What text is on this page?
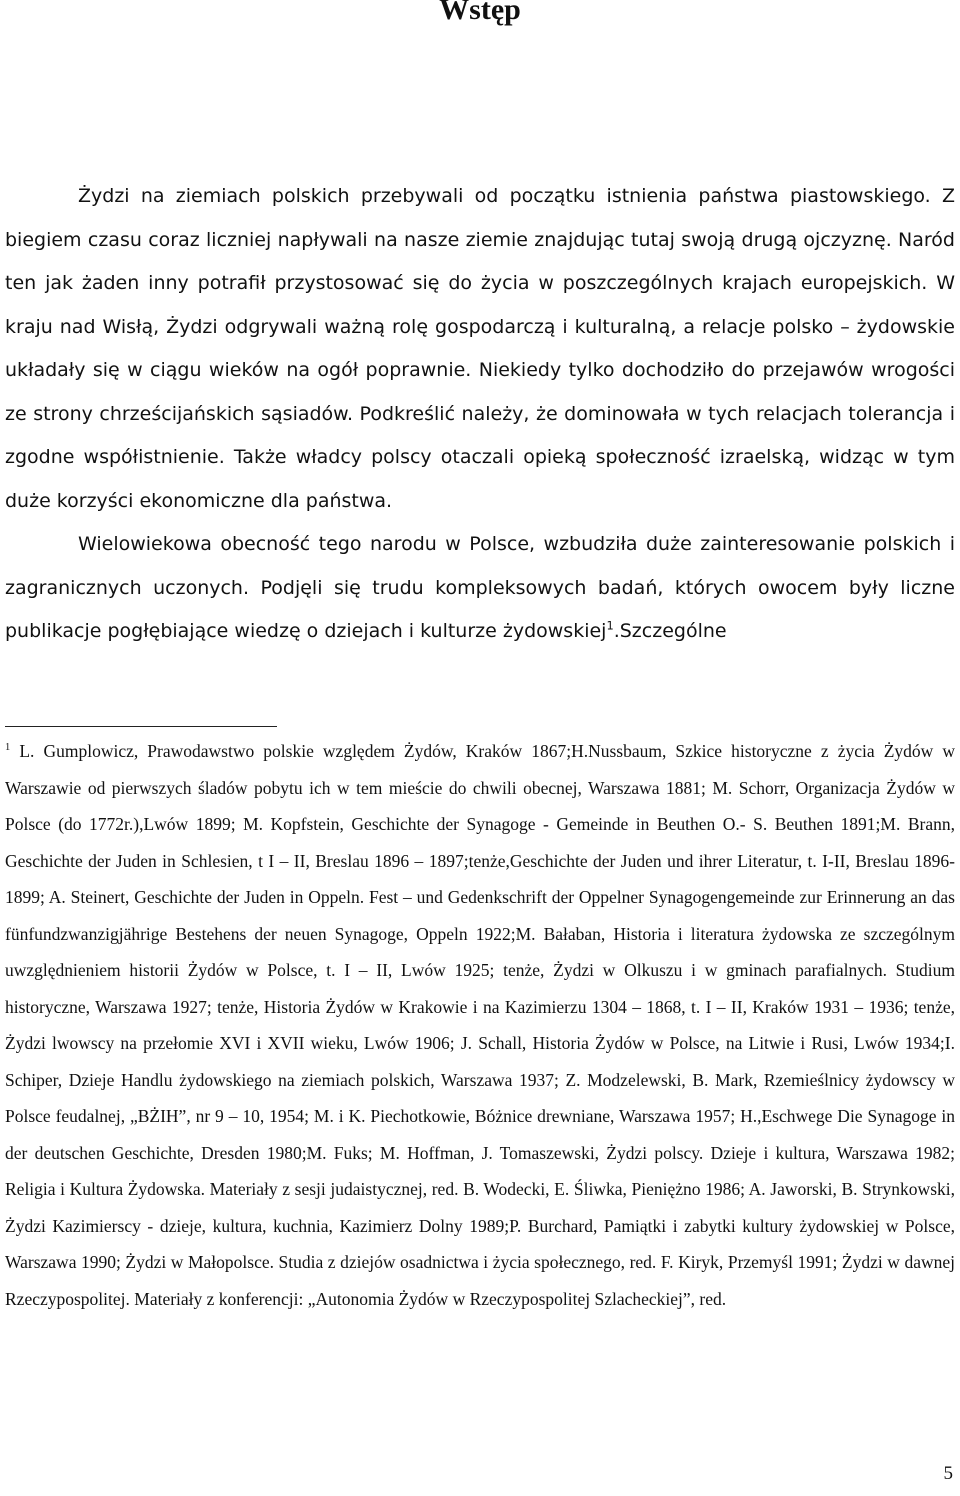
Wstęp

Żydzi na ziemiach polskich przebywali od początku istnienia państwa piastowskiego. Z biegiem czasu coraz liczniej napływali na nasze ziemie znajdując tutaj swoją drugą ojczyznę. Naród ten jak żaden inny potrafił przystosować się do życia w poszczególnych krajach europejskich. W kraju nad Wisłą, Żydzi odgrywali ważną rolę gospodarczą i kulturalną, a relacje polsko – żydowskie układały się w ciągu wieków na ogół poprawnie. Niekiedy tylko dochodziło do przejawów wrogości ze strony chrześcijańskich sąsiadów. Podkreślić należy, że dominowała w tych relacjach tolerancja i zgodne współistnienie. Także władcy polscy otaczali opieką społeczność izraelską, widząc w tym duże korzyści ekonomiczne dla państwa.

Wielowiekowa obecność tego narodu w Polsce, wzbudziła duże zainteresowanie polskich i zagranicznych uczonych. Podjęli się trudu kompleksowych badań, których owocem były liczne publikacje pogłębiające wiedzę o dziejach i kulturze żydowskiej$^1$.Szczególne

$^1$ L. Gumplowicz, Prawodawstwo polskie względem Żydów, Kraków 1867;H.Nussbaum, Szkice historyczne z życia Żydów w Warszawie od pierwszych śladów pobytu ich w tem mieście do chwili obecnej, Warszawa 1881; M. Schorr, Organizacja Żydów w Polsce (do 1772r.),Lwów 1899; M. Kopfstein, Geschichte der Synagoge - Gemeinde in Beuthen O.- S. Beuthen 1891;M. Brann, Geschichte der Juden in Schlesien, t I – II, Breslau 1896 – 1897;tenże,Geschichte der Juden und ihrer Literatur, t. I-II, Breslau 1896-1899; A. Steinert, Geschichte der Juden in Oppeln. Fest – und Gedenkschrift der Oppelner Synagogengemeinde zur Erinnerung an das fünfundzwanzigjährige Bestehens der neuen Synagoge, Oppeln 1922;M. Bałaban, Historia i literatura żydowska ze szczególnym uwzględnieniem historii Żydów w Polsce, t. I – II, Lwów 1925; tenże, Żydzi w Olkuszu i w gminach parafialnych. Studium historyczne, Warszawa 1927; tenże, Historia Żydów w Krakowie i na Kazimierzu 1304 – 1868, t. I – II, Kraków 1931 – 1936; tenże, Żydzi lwowscy na przełomie XVI i XVII wieku, Lwów 1906; J. Schall, Historia Żydów w Polsce, na Litwie i Rusi, Lwów 1934;I. Schiper, Dzieje Handlu żydowskiego na ziemiach polskich, Warszawa 1937; Z. Modzelewski, B. Mark, Rzemieślnicy żydowscy w Polsce feudalnej, „BŻIH”, nr 9 – 10, 1954; M. i K. Piechotkowie, Bóżnice drewniane, Warszawa 1957; H.,Eschwege Die Synagoge in der deutschen Geschichte, Dresden 1980;M. Fuks; M. Hoffman, J. Tomaszewski, Żydzi polscy. Dzieje i kultura, Warszawa 1982; Religia i Kultura Żydowska. Materiały z sesji judaistycznej, red. B. Wodecki, E. Śliwka, Pieniężno 1986; A. Jaworski, B. Strynkowski, Żydzi Kazimierscy - dzieje, kultura, kuchnia, Kazimierz Dolny 1989;P. Burchard, Pamiątki i zabytki kultury żydowskiej w Polsce, Warszawa 1990; Żydzi w Małopolsce. Studia z dziejów osadnictwa i życia społecznego, red. F. Kiryk, Przemyśl 1991; Żydzi w dawnej Rzeczypospolitej. Materiały z konferencji: „Autonomia Żydów w Rzeczypospolitej Szlacheckiej”, red.

5
